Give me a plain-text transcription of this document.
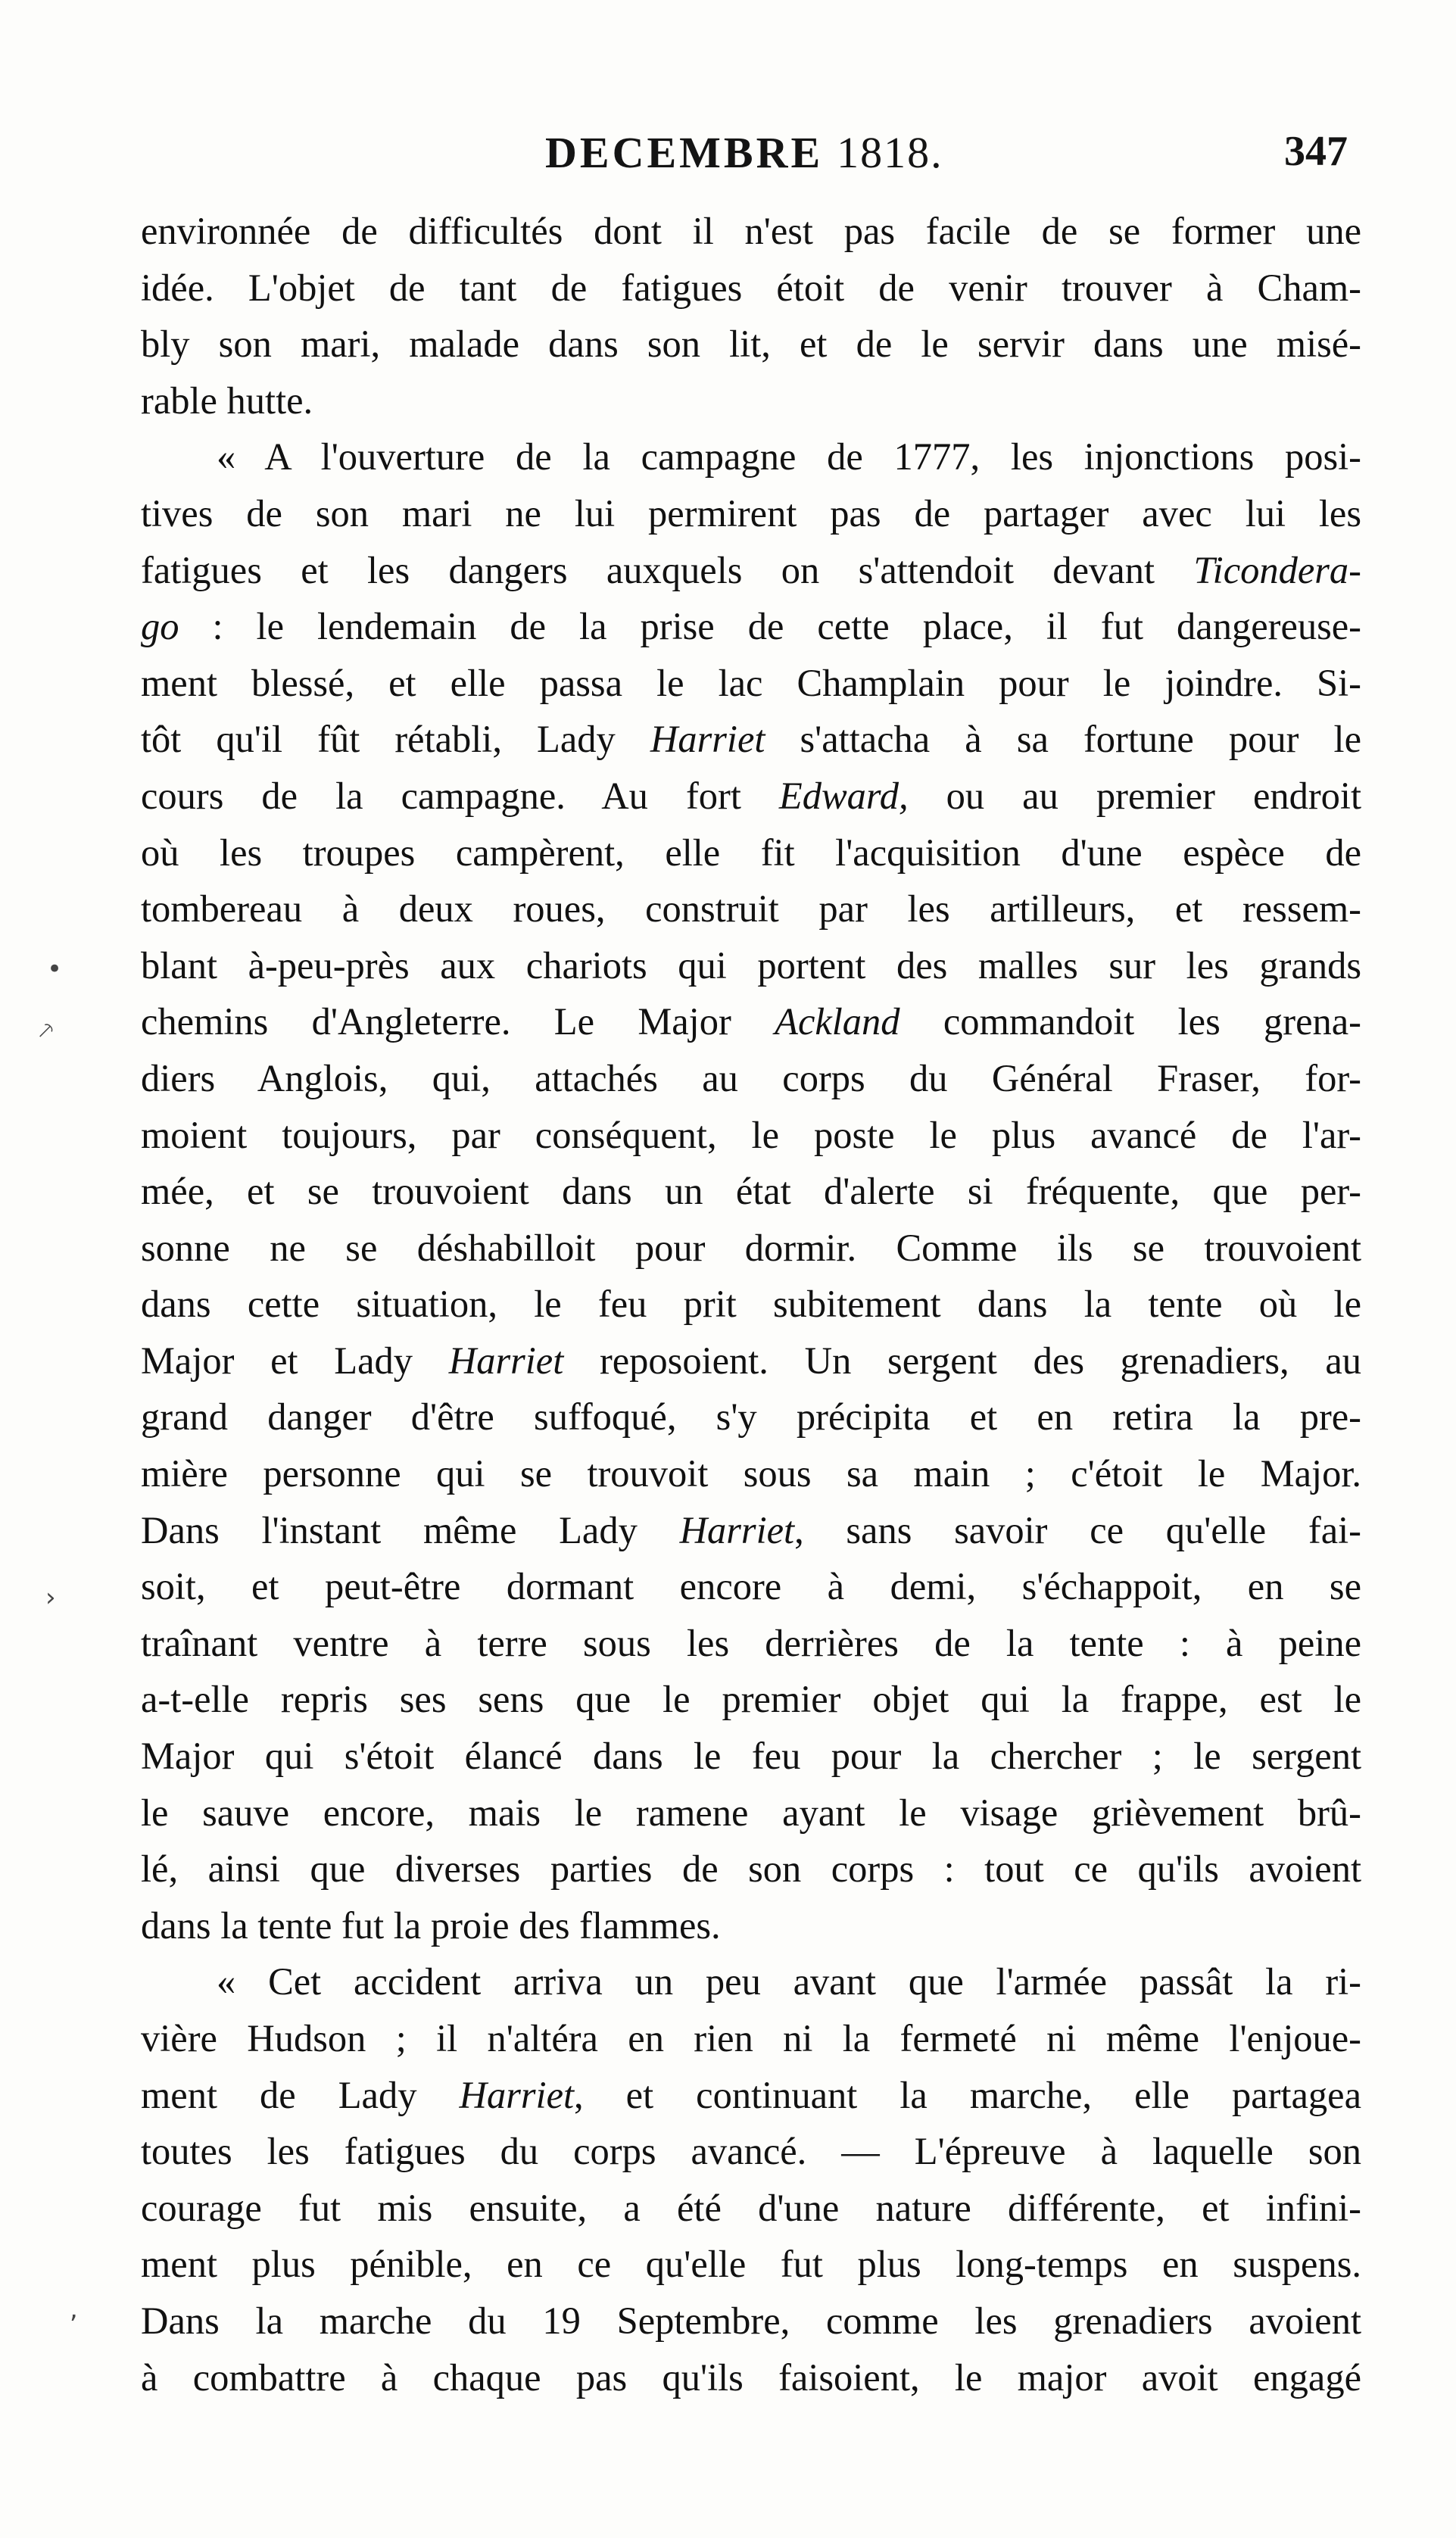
DECEMBRE 1818.	347
environnée de difficultés dont il n'est pas facile de se former une
idée. L'objet de tant de fatigues étoit de venir trouver à Cham-
bly son mari, malade dans son lit, et de le servir dans une misé-
rable hutte.
« A l'ouverture de la campagne de 1777, les injonctions posi-
tives de son mari ne lui permirent pas de partager avec lui les
fatigues et les dangers auxquels on s'attendoit devant Ticondera-
go : le lendemain de la prise de cette place, il fut dangereuse-
ment blessé, et elle passa le lac Champlain pour le joindre. Si-
tôt qu'il fût rétabli, Lady Harriet s'attacha à sa fortune pour le
cours de la campagne. Au fort Edward, ou au premier endroit
où les troupes campèrent, elle fit l'acquisition d'une espèce de
tombereau à deux roues, construit par les artilleurs, et ressem-
blant à-peu-près aux chariots qui portent des malles sur les grands
chemins d'Angleterre. Le Major Ackland commandoit les grena-
diers Anglois, qui, attachés au corps du Général Fraser, for-
moient toujours, par conséquent, le poste le plus avancé de l'ar-
mée, et se trouvoient dans un état d'alerte si fréquente, que per-
sonne ne se déshabilloit pour dormir. Comme ils se trouvoient
dans cette situation, le feu prit subitement dans la tente où le
Major et Lady Harriet reposoient. Un sergent des grenadiers, au
grand danger d'être suffoqué, s'y précipita et en retira la pre-
mière personne qui se trouvoit sous sa main ; c'étoit le Major.
Dans l'instant même Lady Harriet, sans savoir ce qu'elle fai-
soit, et peut-être dormant encore à demi, s'échappoit, en se
traînant ventre à terre sous les derrières de la tente : à peine
a-t-elle repris ses sens que le premier objet qui la frappe, est le
Major qui s'étoit élancé dans le feu pour la chercher ; le sergent
le sauve encore, mais le ramene ayant le visage grièvement brû-
lé, ainsi que diverses parties de son corps : tout ce qu'ils avoient
dans la tente fut la proie des flammes.
« Cet accident arriva un peu avant que l'armée passât la ri-
vière Hudson ; il n'altéra en rien ni la fermeté ni même l'enjoue-
ment de Lady Harriet, et continuant la marche, elle partagea
toutes les fatigues du corps avancé. — L'épreuve à laquelle son
courage fut mis ensuite, a été d'une nature différente, et infini-
ment plus pénible, en ce qu'elle fut plus long-temps en suspens.
Dans la marche du 19 Septembre, comme les grenadiers avoient
à combattre à chaque pas qu'ils faisoient, le major avoit engagé
•
⸕
›
,
